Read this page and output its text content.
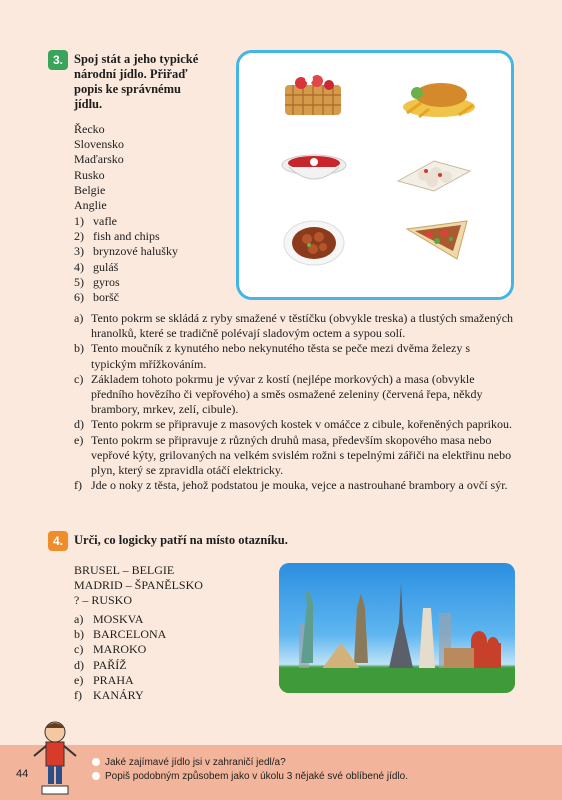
3. Spoj stát a jeho typické
národní jídlo. Přiřaď
popis ke správnému
jídlu.
Řecko
Slovensko
Maďarsko
Rusko
Belgie
Anglie
1) vafle
2) fish and chips
3) brynzové halušky
4) guláš
5) gyros
6) boršč
a) Tento pokrm se skládá z ryby smažené v těstíčku (obvykle treska) a tlustých smažených hranolků, které se tradičně polévají sladovým octem a sypou solí.
b) Tento moučník z kynutého nebo nekynutého těsta se peče mezi dvěma železy s typickým mřížkováním.
c) Základem tohoto pokrmu je vývar z kostí (nejlépe morkových) a masa (obvykle předního hovězího či vepřového) a směs osmažené zeleniny (červená řepa, někdy brambory, mrkev, zelí, cibule).
d) Tento pokrm se připravuje z masových kostek v omáčce z cibule, kořeněných paprikou.
e) Tento pokrm se připravuje z různých druhů masa, především skopového masa nebo vepřové kýty, grilovaných na velkém svislém rožni s tepelnými zářiči na elektřinu nebo plyn, který se zpravidla otáčí elektricky.
f) Jde o noky z těsta, jehož podstatou je mouka, vejce a nastrouhané brambory a ovčí sýr.
4. Urči, co logicky patří na místo otazníku.
BRUSEL – BELGIE
MADRID – ŠPANĚLSKO
? – RUSKO
a) MOSKVA
b) BARCELONA
c) MAROKO
d) PAŘÍŽ
e) PRAHA
f) KANÁRY
44
Jaké zajímavé jídlo jsi v zahraničí jedl/a?
Popiš podobným způsobem jako v úkolu 3 nějaké své oblíbené jídlo.
